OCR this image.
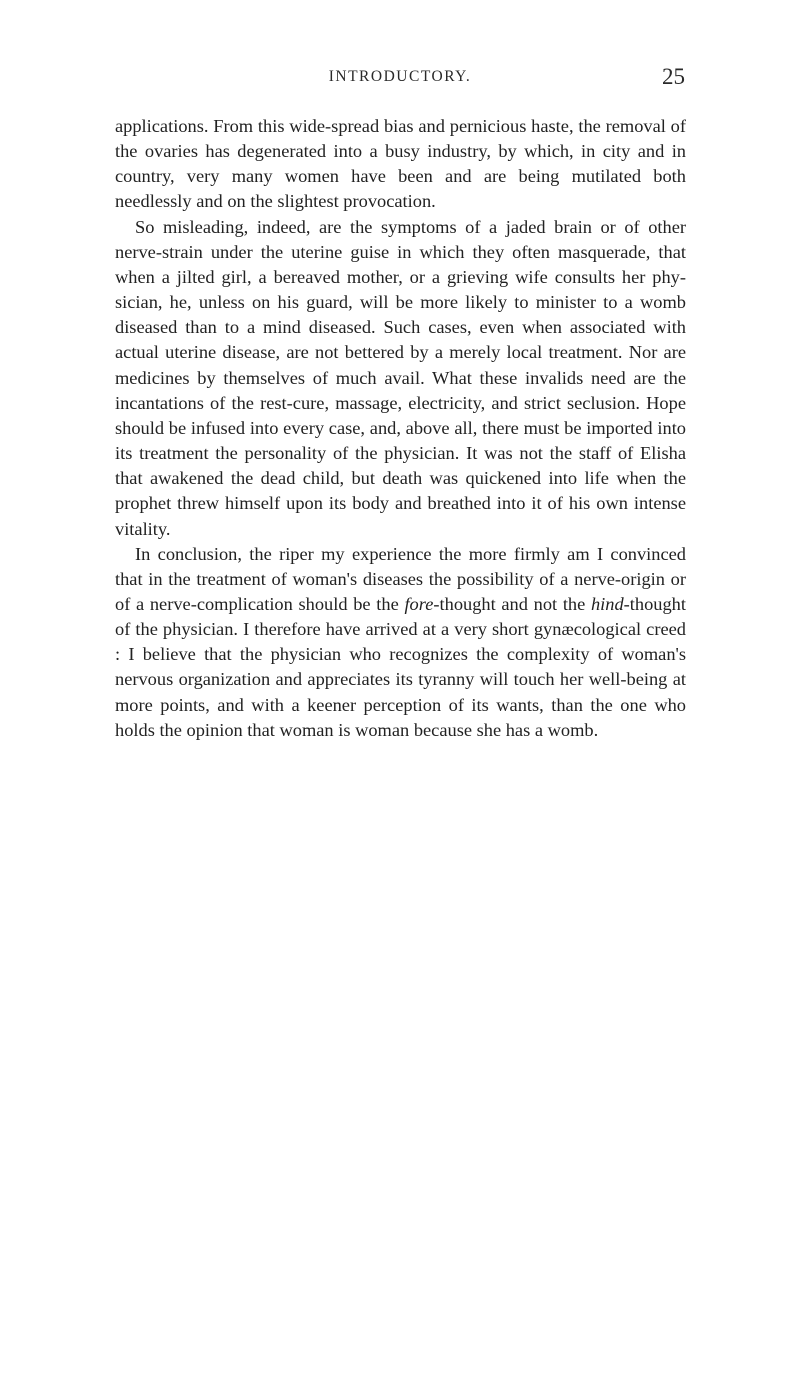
INTRODUCTORY.	25

applications. From this wide-spread bias and pernicious haste, the removal of the ovaries has degenerated into a busy industry, by which, in city and in country, very many women have been and are being mutilated both needlessly and on the slightest provocation.

So misleading, indeed, are the symptoms of a jaded brain or of other nerve-strain under the uterine guise in which they often masquerade, that when a jilted girl, a bereaved mother, or a grieving wife consults her phy-sician, he, unless on his guard, will be more likely to minister to a womb diseased than to a mind diseased. Such cases, even when associated with actual uterine disease, are not bettered by a merely local treatment. Nor are medicines by themselves of much avail. What these invalids need are the incantations of the rest-cure, massage, electricity, and strict seclusion. Hope should be infused into every case, and, above all, there must be imported into its treatment the personality of the physician. It was not the staff of Elisha that awakened the dead child, but death was quickened into life when the prophet threw himself upon its body and breathed into it of his own intense vitality.

In conclusion, the riper my experience the more firmly am I convinced that in the treatment of woman's diseases the possibility of a nerve-origin or of a nerve-complication should be the fore-thought and not the hind-thought of the physician. I therefore have arrived at a very short gynæcological creed : I believe that the physician who recognizes the complexity of woman's nervous organization and appreciates its tyranny will touch her well-being at more points, and with a keener perception of its wants, than the one who holds the opinion that woman is woman because she has a womb.
